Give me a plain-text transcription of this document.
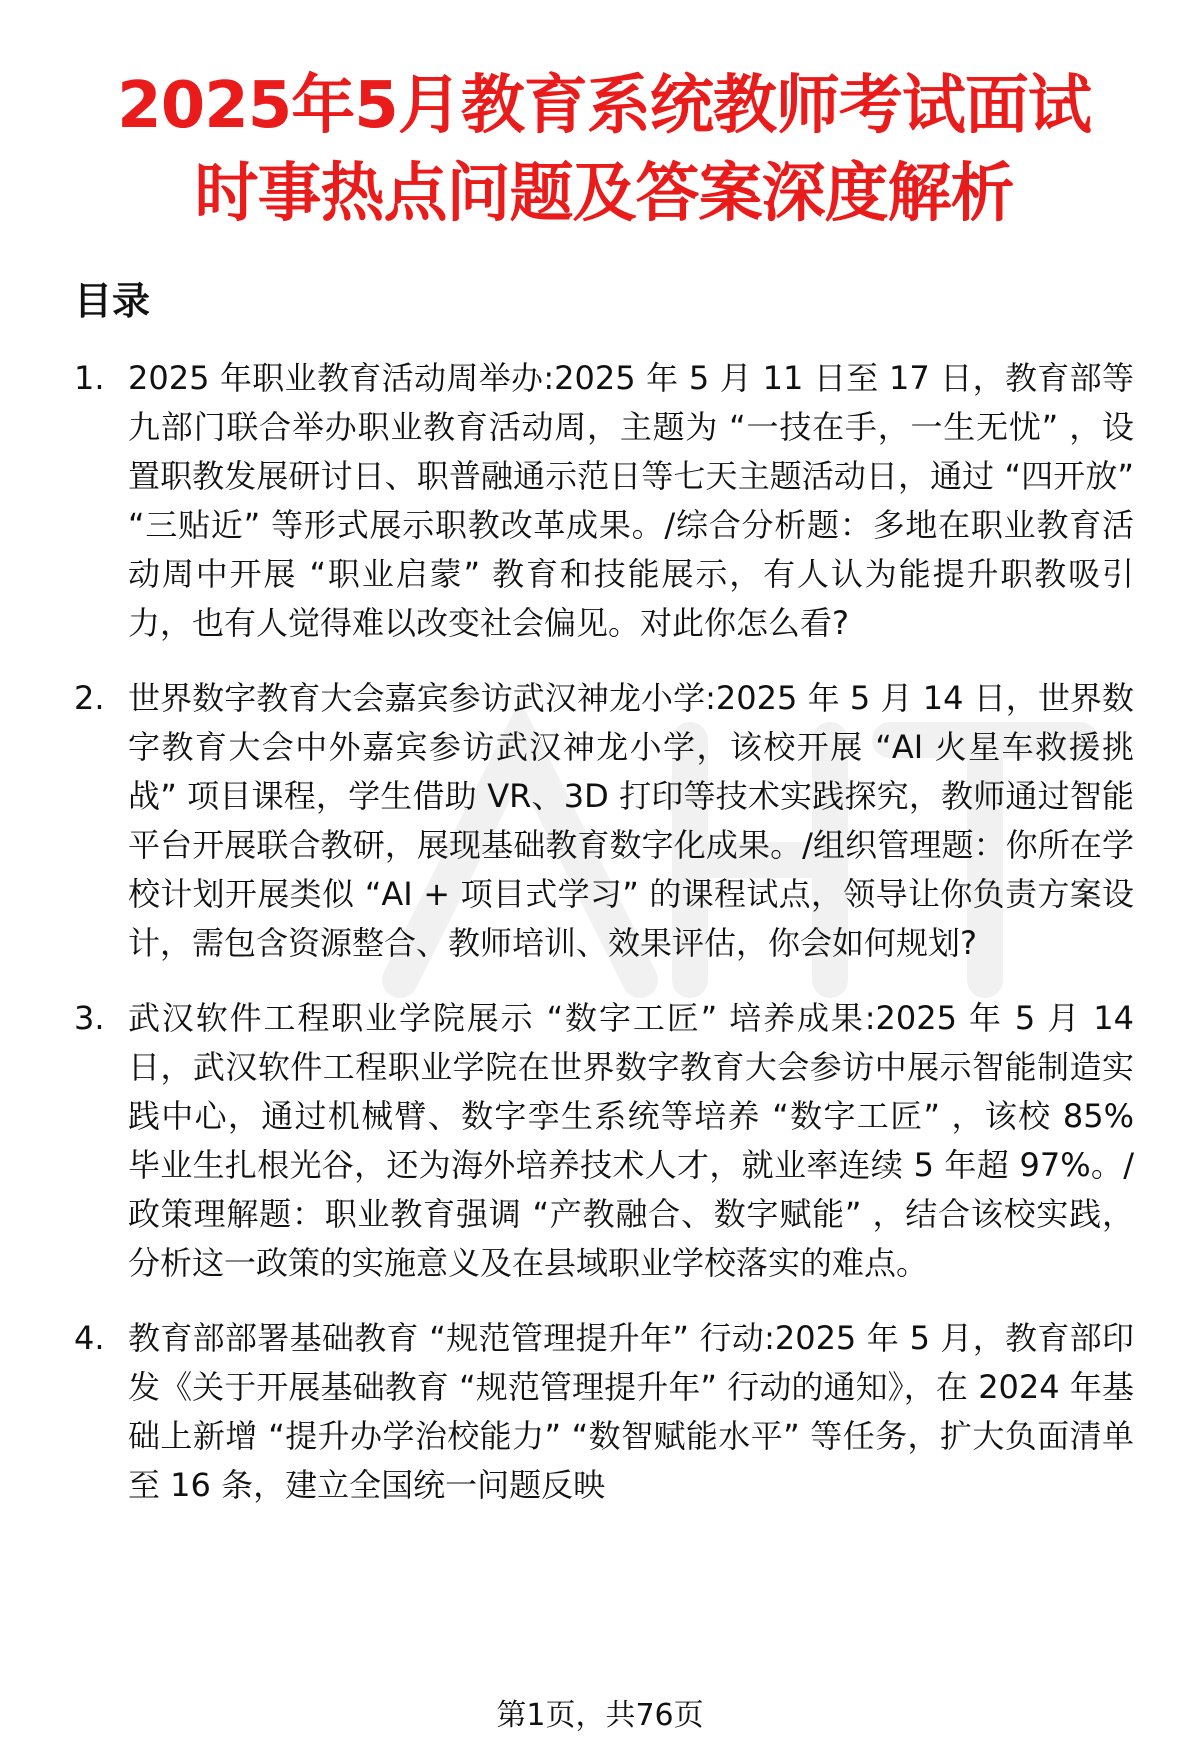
2025年5月教育系统教师考试面试
时事热点问题及答案深度解析
目录
1. 2025 年职业教育活动周举办:2025 年 5 月 11 日至 17 日，教育部等九部门联合举办职业教育活动周，主题为 “一技在手，一生无忧” ，设置职教发展研讨日、职普融通示范日等七天主题活动日，通过 “四开放” “三贴近” 等形式展示职教改革成果。/综合分析题：多地在职业教育活动周中开展 “职业启蒙” 教育和技能展示，有人认为能提升职教吸引力，也有人觉得难以改变社会偏见。对此你怎么看?
2. 世界数字教育大会嘉宾参访武汉神龙小学:2025 年 5 月 14 日，世界数字教育大会中外嘉宾参访武汉神龙小学，该校开展 “AI 火星车救援挑战” 项目课程，学生借助 VR、3D 打印等技术实践探究，教师通过智能平台开展联合教研，展现基础教育数字化成果。/组织管理题：你所在学校计划开展类似 “AI + 项目式学习” 的课程试点，领导让你负责方案设计，需包含资源整合、教师培训、效果评估，你会如何规划?
3. 武汉软件工程职业学院展示 “数字工匠” 培养成果:2025 年 5 月 14 日，武汉软件工程职业学院在世界数字教育大会参访中展示智能制造实践中心，通过机械臂、数字孪生系统等培养 “数字工匠” ，该校 85% 毕业生扎根光谷，还为海外培养技术人才，就业率连续 5 年超 97%。/政策理解题：职业教育强调 “产教融合、数字赋能” ，结合该校实践，分析这一政策的实施意义及在县域职业学校落实的难点。
4. 教育部部署基础教育 “规范管理提升年” 行动:2025 年 5 月，教育部印发《关于开展基础教育 “规范管理提升年” 行动的通知》，在 2024 年基础上新增 “提升办学治校能力” “数智赋能水平” 等任务，扩大负面清单至 16 条，建立全国统一问题反映
第1页，共76页
